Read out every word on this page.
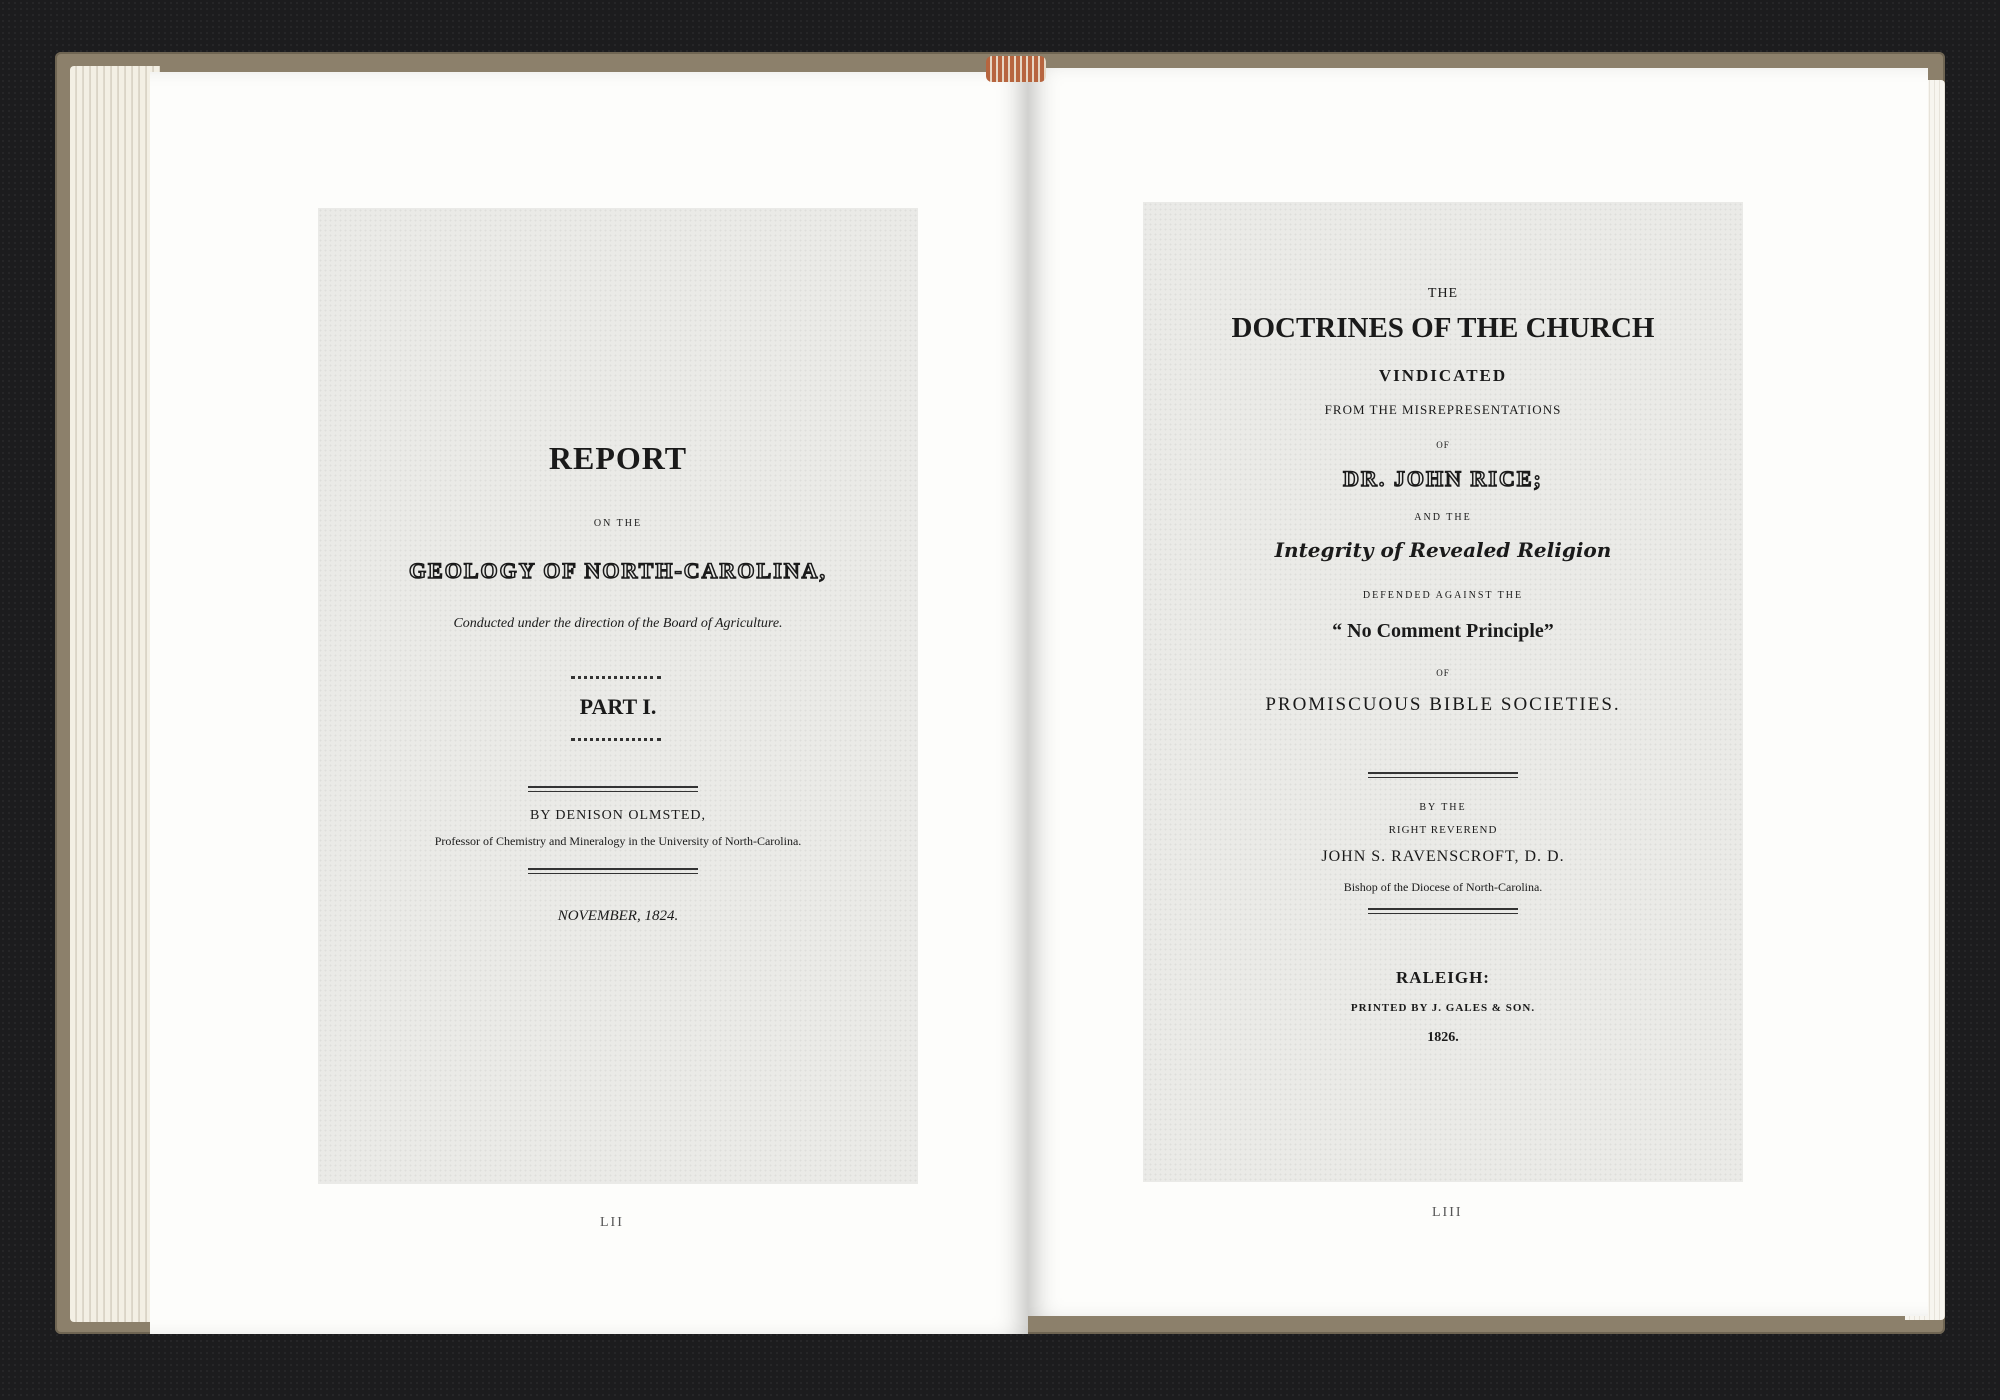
REPORT
ON THE
GEOLOGY OF NORTH-CAROLINA,
Conducted under the direction of the Board of Agriculture.
PART I.
BY DENISON OLMSTED,
Professor of Chemistry and Mineralogy in the University of North-Carolina.
NOVEMBER, 1824.
LII
THE
DOCTRINES OF THE CHURCH
VINDICATED
FROM THE MISREPRESENTATIONS
OF
DR. JOHN RICE;
AND THE
Integrity of Revealed Religion
DEFENDED AGAINST THE
“ No Comment Principle”
OF
PROMISCUOUS BIBLE SOCIETIES.
BY THE
RIGHT REVEREND
JOHN S. RAVENSCROFT, D. D.
Bishop of the Diocese of North-Carolina.
RALEIGH:
PRINTED BY J. GALES & SON.
1826.
LIII
